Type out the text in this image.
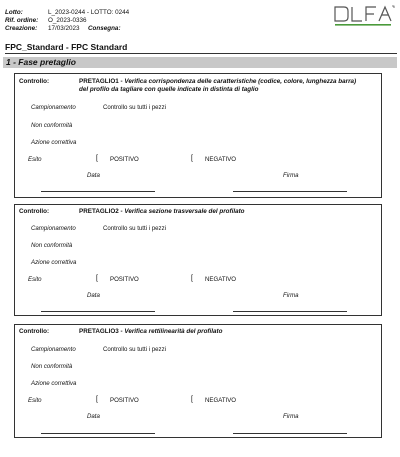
Lotto:	L_2023-0244 - LOTTO: 0244
Rif. ordine: O_2023-0336
Creazione: 17/03/2023 Consegna:
FPC_Standard - FPC Standard
1 - Fase pretaglio
Controllo:	PRETAGLIO1 - Verifica corrispondenza delle caratteristiche (codice, colore, lunghezza barra)
del profilo da tagliare con quelle indicate in distinta di taglio
Campionamento	Controllo su tutti i pezzi
Non conformità
Azione correttiva
Esito	[ POSITIVO	[ NEGATIVO
Data	Firma
Controllo:	PRETAGLIO2 - Verifica sezione trasversale del profilato
Campionamento	Controllo su tutti i pezzi
Non conformità
Azione correttiva
Esito	[ POSITIVO	[ NEGATIVO
Data	Firma
Controllo:	PRETAGLIO3 - Verifica rettilinearità del profilato
Campionamento	Controllo su tutti i pezzi
Non conformità
Azione correttiva
Esito	[ POSITIVO	[ NEGATIVO
Data	Firma
